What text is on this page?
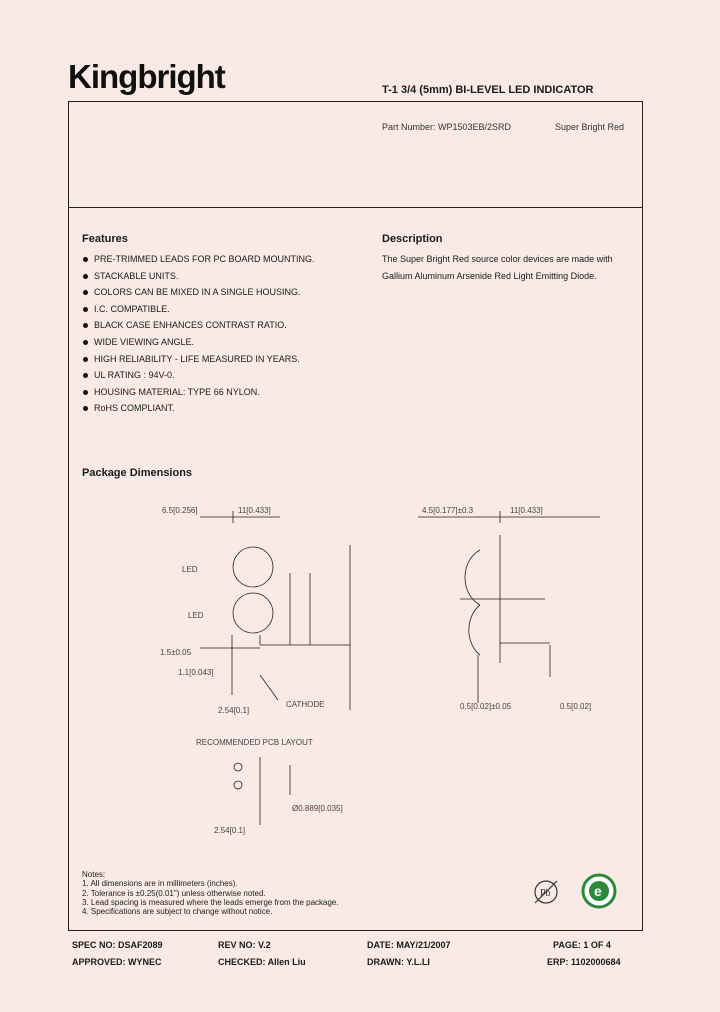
Kingbright	T-1 3/4 (5mm) BI-LEVEL LED INDICATOR
Part Number: WP1503EB/2SRD	Super Bright Red
Features
PRE-TRIMMED LEADS FOR PC BOARD MOUNTING.
STACKABLE UNITS.
COLORS CAN BE MIXED IN A SINGLE HOUSING.
I.C. COMPATIBLE.
BLACK CASE ENHANCES CONTRAST RATIO.
WIDE VIEWING ANGLE.
HIGH RELIABILITY - LIFE MEASURED IN YEARS.
UL RATING : 94V-0.
HOUSING MATERIAL: TYPE 66 NYLON.
RoHS COMPLIANT.
Description
The Super Bright Red source color devices are made with Gallium Aluminum Arsenide Red Light Emitting Diode.
Package Dimensions
6.5[0.256]	11[0.433]
LED
LED
1.5±0.05
1.1[0.043]
2.54[0.1]
CATHODE
4.5[0.177]±0.3	11[0.433]
0.5[0.02]±0.05	0.5[0.02]
RECOMMENDED PCB LAYOUT
2.54[0.1]
Ø0.889[0.035]
Notes:
1. All dimensions are in millimeters (inches).
2. Tolerance is ±0.25(0.01") unless otherwise noted.
3. Lead spacing is measured where the leads emerge from the package.
4. Specifications are subject to change without notice.
Pb	e
SPEC NO: DSAF2089	REV NO: V.2	DATE: MAY/21/2007	PAGE: 1 OF 4
APPROVED: WYNEC	CHECKED: Allen Liu	DRAWN: Y.L.LI	ERP: 1102000684
